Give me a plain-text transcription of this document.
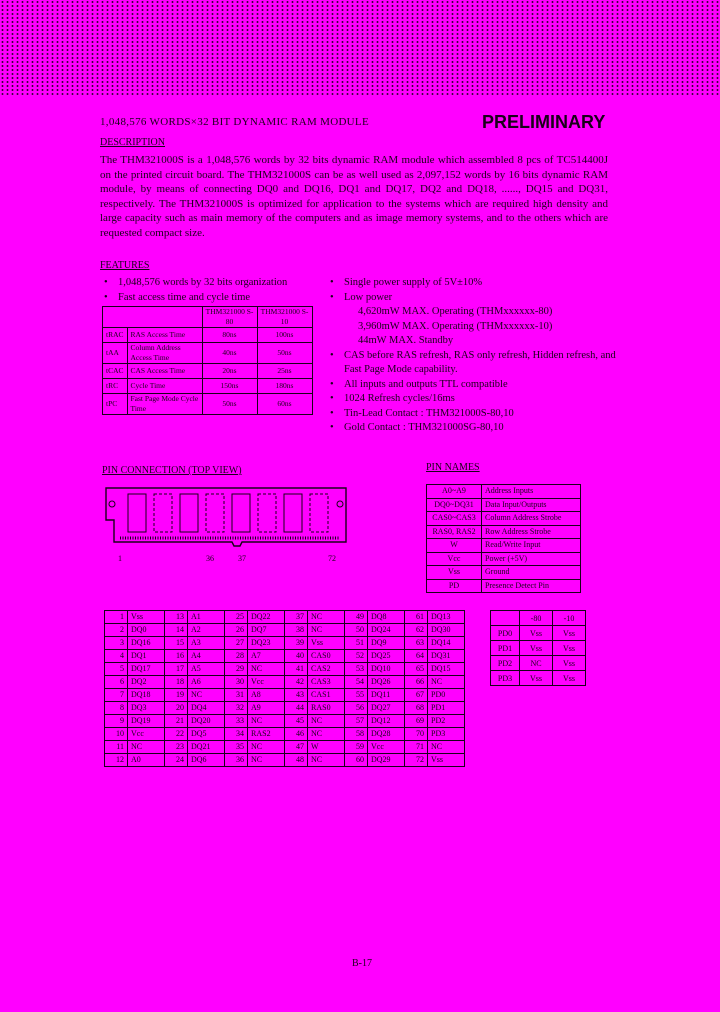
1,048,576 WORDS×32 BIT DYNAMIC RAM MODULE	PRELIMINARY
DESCRIPTION

The THM321000S is a 1,048,576 words by 32 bits dynamic RAM module which assembled 8 pcs of TC514400J on the printed circuit board. The THM321000S can be as well used as 2,097,152 words by 16 bits dynamic RAM module, by means of connecting DQ0 and DQ16, DQ1 and DQ17, DQ2 and DQ18, ......, DQ15 and DQ31, respectively. The THM321000S is optimized for application to the systems which are required high density and large capacity such as main memory of the computers and as image memory systems, and to the others which are requested compact size.

FEATURES
• 1,048,576 words by 32 bits organization
• Fast access time and cycle time
• Single power supply of 5V±10%
• Low power
4,620mW MAX. Operating (THMxxxxxx-80)
3,960mW MAX. Operating (THMxxxxxx-10)
44mW MAX. Standby
• CAS before RAS refresh, RAS only refresh, Hidden refresh, and Fast Page Mode capability.
• All inputs and outputs TTL compatible
• 1024 Refresh cycles/16ms
• Tin-Lead Contact : THM321000S-80,10
• Gold Contact : THM321000SG-80,10
		THM321000 S-80	THM321000 S-10
tRAC	RAS Access Time	80ns	100ns
tAA	Column Address Access Time	40ns	50ns
tCAC	CAS Access Time	20ns	25ns
tRC	Cycle Time	150ns	180ns
tPC	Fast Page Mode Cycle Time	50ns	60ns
PIN CONNECTION (TOP VIEW)
1	36	37	72
PIN NAMES
A0~A9	Address Inputs
DQ0~DQ31	Data Input/Outputs
CAS0~CAS3	Column Address Strobe
RAS0, RAS2	Row Address Strobe
W	Read/Write Input
Vcc	Power (+5V)
Vss	Ground
PD	Presence Detect Pin
1	Vss	13	A1	25	DQ22	37	NC	49	DQ8	61	DQ13
2	DQ0	14	A2	26	DQ7	38	NC	50	DQ24	62	DQ30
3	DQ16	15	A3	27	DQ23	39	Vss	51	DQ9	63	DQ14
4	DQ1	16	A4	28	A7	40	CAS0	52	DQ25	64	DQ31
5	DQ17	17	A5	29	NC	41	CAS2	53	DQ10	65	DQ15
6	DQ2	18	A6	30	Vcc	42	CAS3	54	DQ26	66	NC
7	DQ18	19	NC	31	A8	43	CAS1	55	DQ11	67	PD0
8	DQ3	20	DQ4	32	A9	44	RAS0	56	DQ27	68	PD1
9	DQ19	21	DQ20	33	NC	45	NC	57	DQ12	69	PD2
10	Vcc	22	DQ5	34	RAS2	46	NC	58	DQ28	70	PD3
11	NC	23	DQ21	35	NC	47	W	59	Vcc	71	NC
12	A0	24	DQ6	36	NC	48	NC	60	DQ29	72	Vss
	-80	-10
PD0	Vss	Vss
PD1	Vss	Vss
PD2	NC	Vss
PD3	Vss	Vss
B-17
